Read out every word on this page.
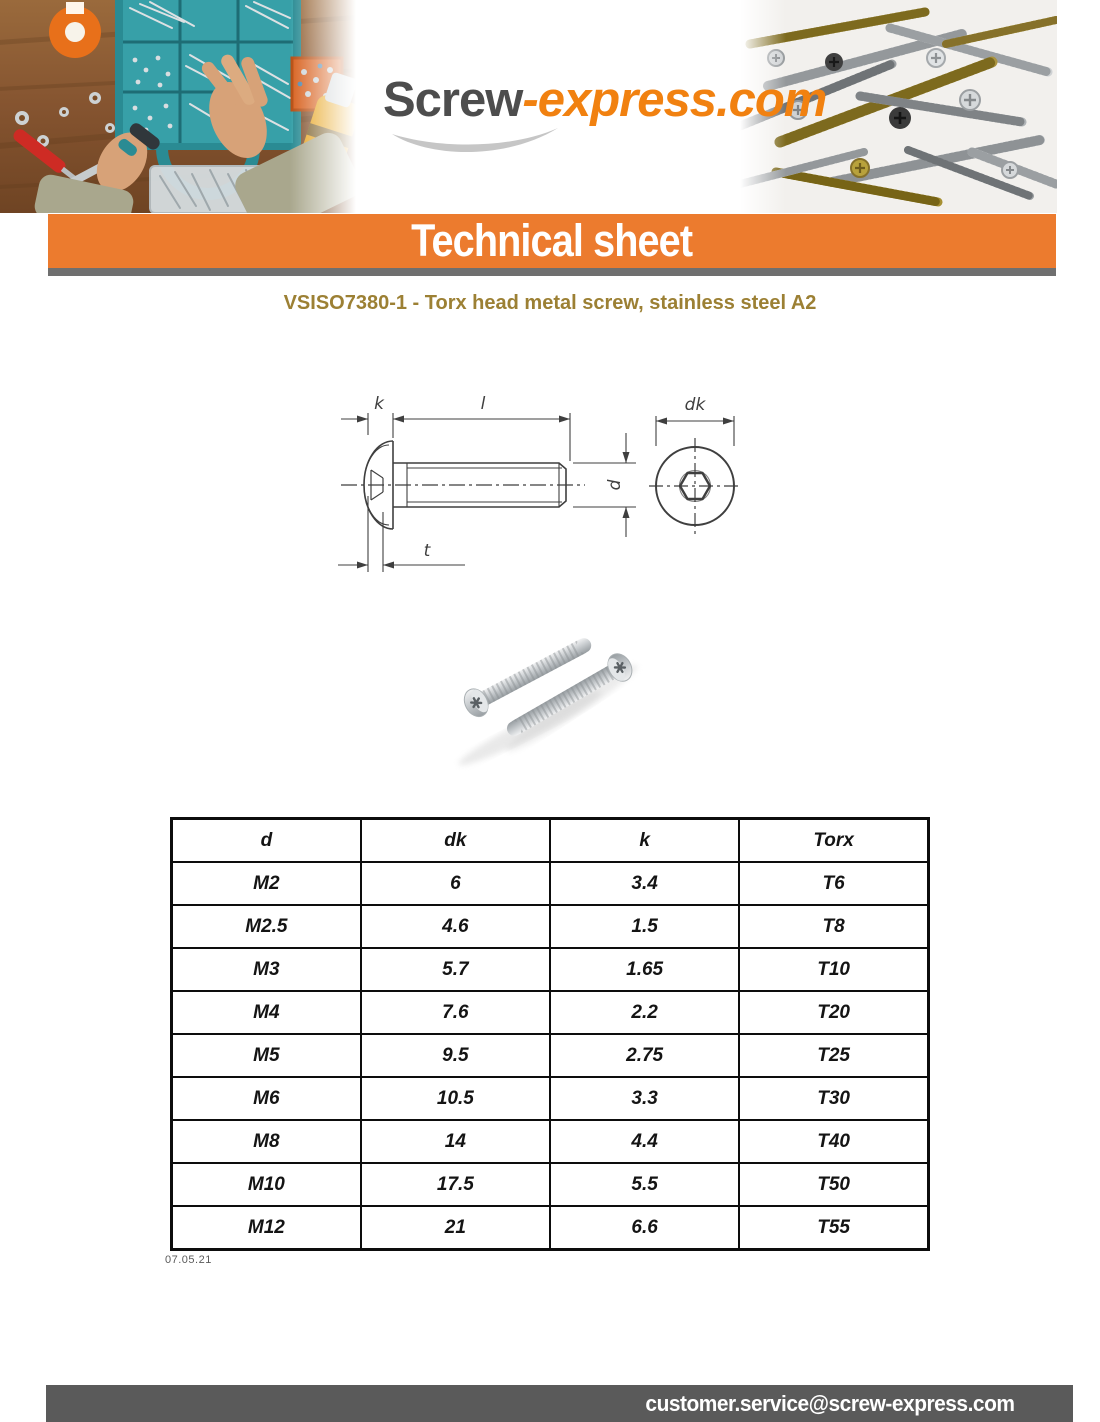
Screw-express.com
Technical sheet
VSISO7380-1 - Torx head metal screw, stainless steel A2
k	l	dk
d
t
d	dk	k	Torx
M2	6	3.4	T6
M2.5	4.6	1.5	T8
M3	5.7	1.65	T10
M4	7.6	2.2	T20
M5	9.5	2.75	T25
M6	10.5	3.3	T30
M8	14	4.4	T40
M10	17.5	5.5	T50
M12	21	6.6	T55
07.05.21
customer.service@screw-express.com
